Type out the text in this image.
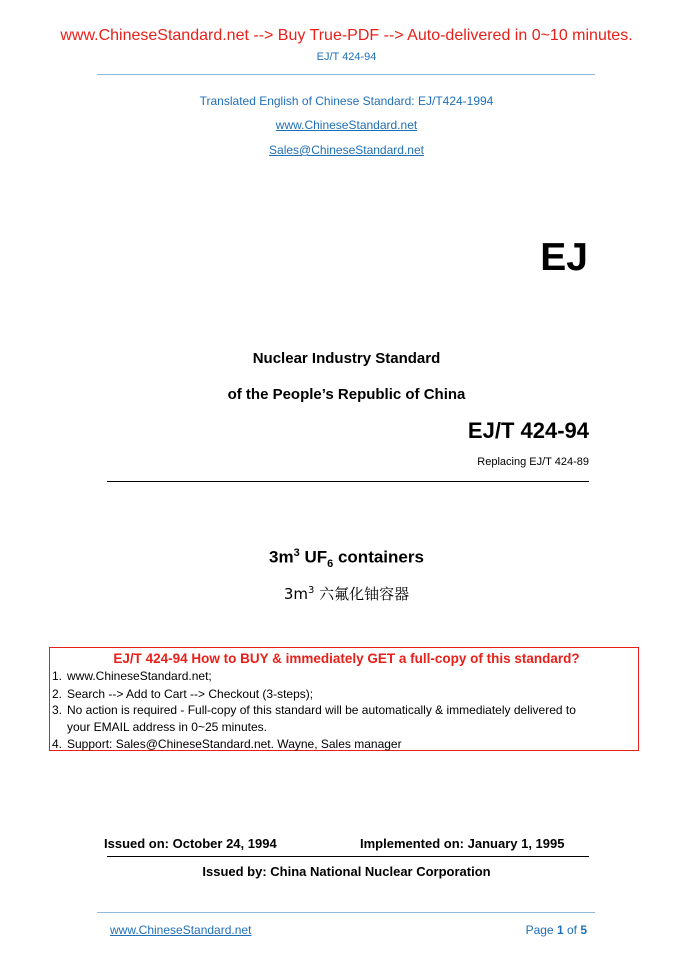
www.ChineseStandard.net --> Buy True-PDF --> Auto-delivered in 0~10 minutes.
EJ/T 424-94
Translated English of Chinese Standard: EJ/T424-1994
www.ChineseStandard.net
Sales@ChineseStandard.net
EJ
Nuclear Industry Standard
of the People’s Republic of China
EJ/T 424-94
Replacing EJ/T 424-89
$3m^3$ $UF_6$ containers
$3m^3$ 六氟化铀容器
EJ/T 424-94 How to BUY & immediately GET a full-copy of this standard?
1. www.ChineseStandard.net;
2. Search --> Add to Cart --> Checkout (3-steps);
3. No action is required - Full-copy of this standard will be automatically & immediately delivered to
your EMAIL address in 0~25 minutes.
4. Support: Sales@ChineseStandard.net. Wayne, Sales manager
Issued on: October 24, 1994	Implemented on: January 1, 1995
Issued by: China National Nuclear Corporation
www.ChineseStandard.net	Page 1 of 5
